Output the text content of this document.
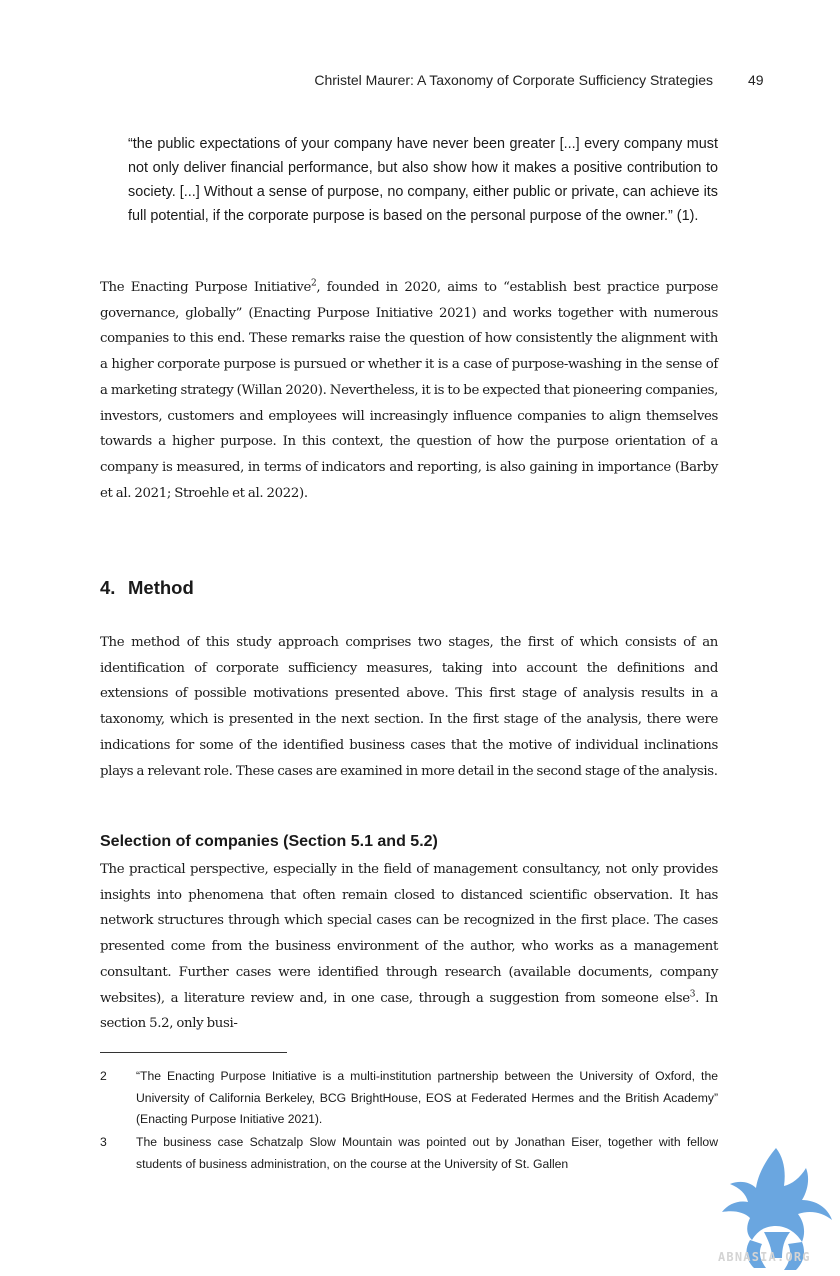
Christel Maurer: A Taxonomy of Corporate Sufficiency Strategies	49

“the public expectations of your company have never been greater [...] every company must not only deliver financial performance, but also show how it makes a positive contribution to society. [...] Without a sense of purpose, no company, either public or private, can achieve its full potential, if the corporate purpose is based on the personal purpose of the owner.” (1).

The Enacting Purpose Initiative$^2$, founded in 2020, aims to “establish best practice purpose governance, globally” (Enacting Purpose Initiative 2021) and works together with numerous companies to this end. These remarks raise the question of how consistently the alignment with a higher corporate purpose is pursued or whether it is a case of purpose-washing in the sense of a marketing strategy (Willan 2020). Nevertheless, it is to be expected that pioneering companies, investors, customers and employees will increasingly influence companies to align themselves towards a higher purpose. In this context, the question of how the purpose orientation of a company is measured, in terms of indicators and reporting, is also gaining in importance (Barby et al. 2021; Stroehle et al. 2022).

4. Method

The method of this study approach comprises two stages, the first of which consists of an identification of corporate sufficiency measures, taking into account the definitions and extensions of possible motivations presented above. This first stage of analysis results in a taxonomy, which is presented in the next section. In the first stage of the analysis, there were indications for some of the identified business cases that the motive of individual inclinations plays a relevant role. These cases are examined in more detail in the second stage of the analysis.

Selection of companies (Section 5.1 and 5.2)

The practical perspective, especially in the field of management consultancy, not only provides insights into phenomena that often remain closed to distanced scientific observation. It has network structures through which special cases can be recognized in the first place. The cases presented come from the business environment of the author, who works as a management consultant. Further cases were identified through research (available documents, company websites), a literature review and, in one case, through a suggestion from someone else$^3$. In section 5.2, only busi-

2 “The Enacting Purpose Initiative is a multi-institution partnership between the University of Oxford, the University of California Berkeley, BCG BrightHouse, EOS at Federated Hermes and the British Academy” (Enacting Purpose Initiative 2021).
3 The business case Schatzalp Slow Mountain was pointed out by Jonathan Eiser, together with fellow students of business administration, on the course at the University of St. Gallen
ABNASIA.ORG
